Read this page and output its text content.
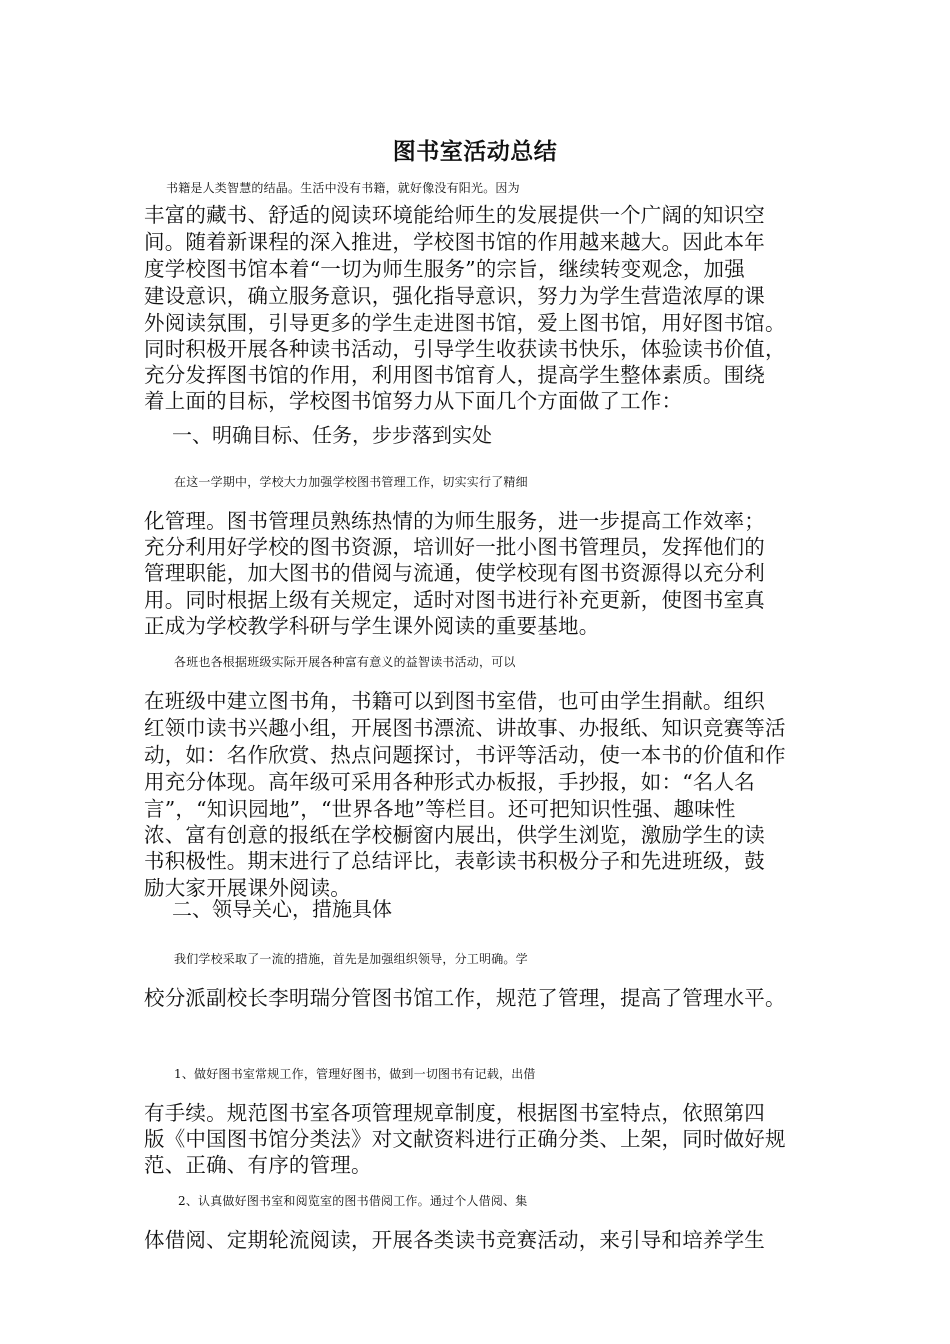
图书室活动总结
书籍是人类智慧的结晶。生活中没有书籍，就好像没有阳光。因为
丰富的藏书、舒适的阅读环境能给师生的发展提供一个广阔的知识空
间。随着新课程的深入推进，学校图书馆的作用越来越大。因此本年
度学校图书馆本着“一切为师生服务”的宗旨，继续转变观念，加强
建设意识，确立服务意识，强化指导意识，努力为学生营造浓厚的课
外阅读氛围，引导更多的学生走进图书馆，爱上图书馆，用好图书馆。
同时积极开展各种读书活动，引导学生收获读书快乐，体验读书价值，
充分发挥图书馆的作用，利用图书馆育人，提高学生整体素质。围绕
着上面的目标，学校图书馆努力从下面几个方面做了工作：
一、明确目标、任务，步步落到实处
在这一学期中，学校大力加强学校图书管理工作，切实实行了精细
化管理。图书管理员熟练热情的为师生服务，进一步提高工作效率；
充分利用好学校的图书资源，培训好一批小图书管理员，发挥他们的
管理职能，加大图书的借阅与流通，使学校现有图书资源得以充分利
用。同时根据上级有关规定，适时对图书进行补充更新，使图书室真
正成为学校教学科研与学生课外阅读的重要基地。
各班也各根据班级实际开展各种富有意义的益智读书活动，可以
在班级中建立图书角，书籍可以到图书室借，也可由学生捐献。组织
红领巾读书兴趣小组，开展图书漂流、讲故事、办报纸、知识竞赛等活
动，如：名作欣赏、热点问题探讨，书评等活动，使一本书的价值和作
用充分体现。高年级可采用各种形式办板报，手抄报，如：“名人名
言”，“知识园地”，“世界各地”等栏目。还可把知识性强、趣味性
浓、富有创意的报纸在学校橱窗内展出，供学生浏览，激励学生的读
书积极性。期末进行了总结评比，表彰读书积极分子和先进班级，鼓
励大家开展课外阅读。
二、领导关心，措施具体
我们学校采取了一流的措施，首先是加强组织领导，分工明确。学
校分派副校长李明瑞分管图书馆工作，规范了管理，提高了管理水平。
1、做好图书室常规工作，管理好图书，做到一切图书有记载，出借
有手续。规范图书室各项管理规章制度，根据图书室特点，依照第四
版《中国图书馆分类法》对文献资料进行正确分类、上架，同时做好规
范、正确、有序的管理。
2、认真做好图书室和阅览室的图书借阅工作。通过个人借阅、集
体借阅、定期轮流阅读，开展各类读书竞赛活动，来引导和培养学生
